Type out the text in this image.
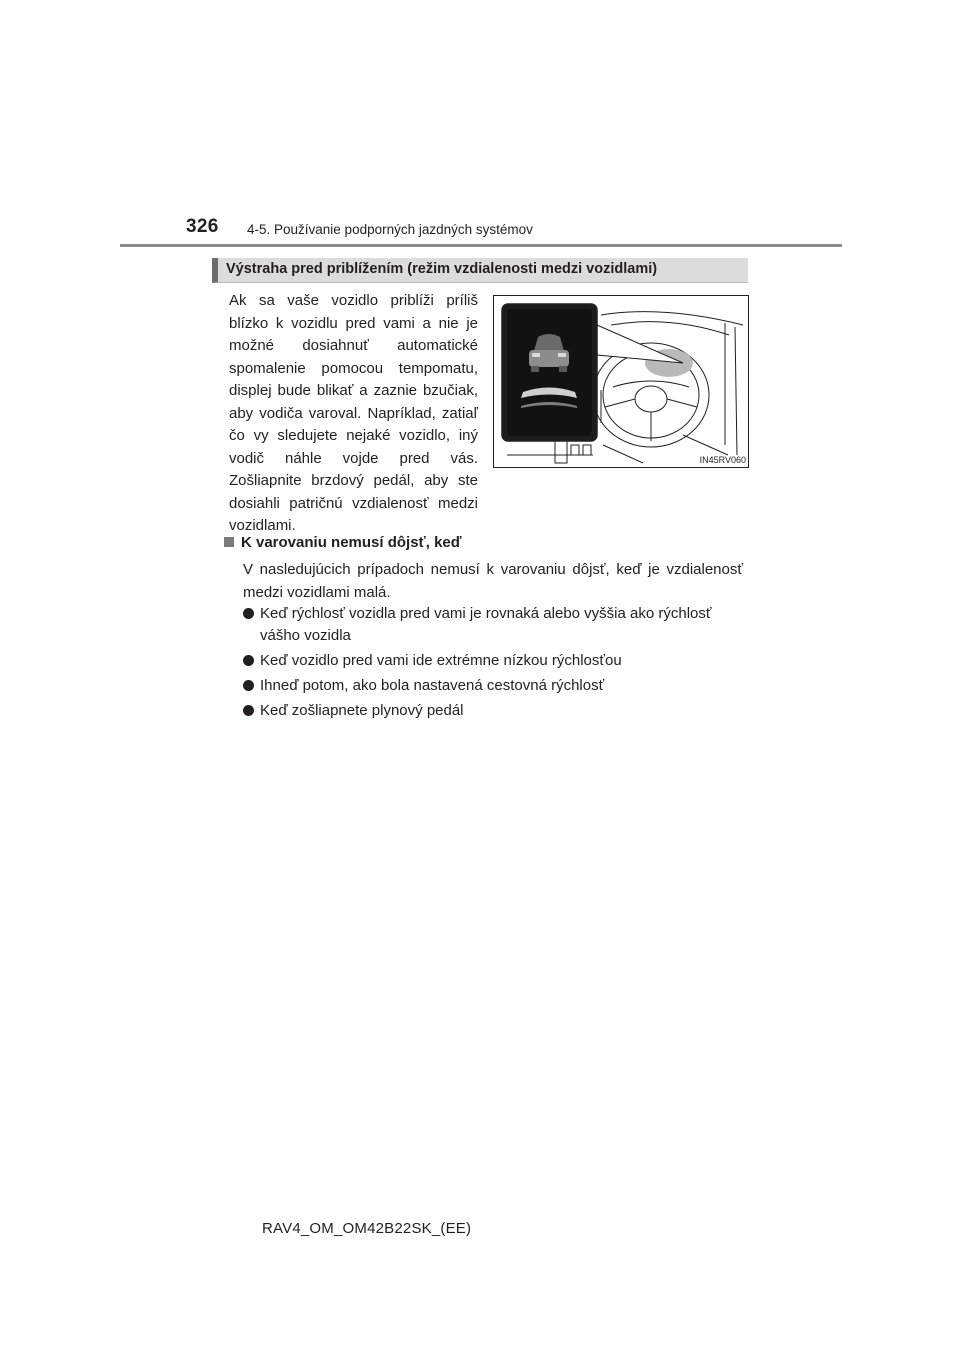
326 4-5. Používanie podporných jazdných systémov
Výstraha pred priblížením (režim vzdialenosti medzi vozidlami)
Ak sa vaše vozidlo priblíži príliš blízko k vozidlu pred vami a nie je možné dosiahnuť automatické spomalenie pomocou tempomatu, displej bude blikať a zaznie bzučiak, aby vodiča varoval. Napríklad, zatiaľ čo vy sledujete nejaké vozidlo, iný vodič náhle vojde pred vás. Zošliapnite brzdový pedál, aby ste dosiahli patričnú vzdialenosť medzi vozidlami.
IN45RV060
K varovaniu nemusí dôjsť, keď
V nasledujúcich prípadoch nemusí k varovaniu dôjsť, keď je vzdialenosť medzi vozidlami malá.
Keď rýchlosť vozidla pred vami je rovnaká alebo vyššia ako rýchlosť vášho vozidla
Keď vozidlo pred vami ide extrémne nízkou rýchlosťou
Ihneď potom, ako bola nastavená cestovná rýchlosť
Keď zošliapnete plynový pedál
RAV4_OM_OM42B22SK_(EE)
